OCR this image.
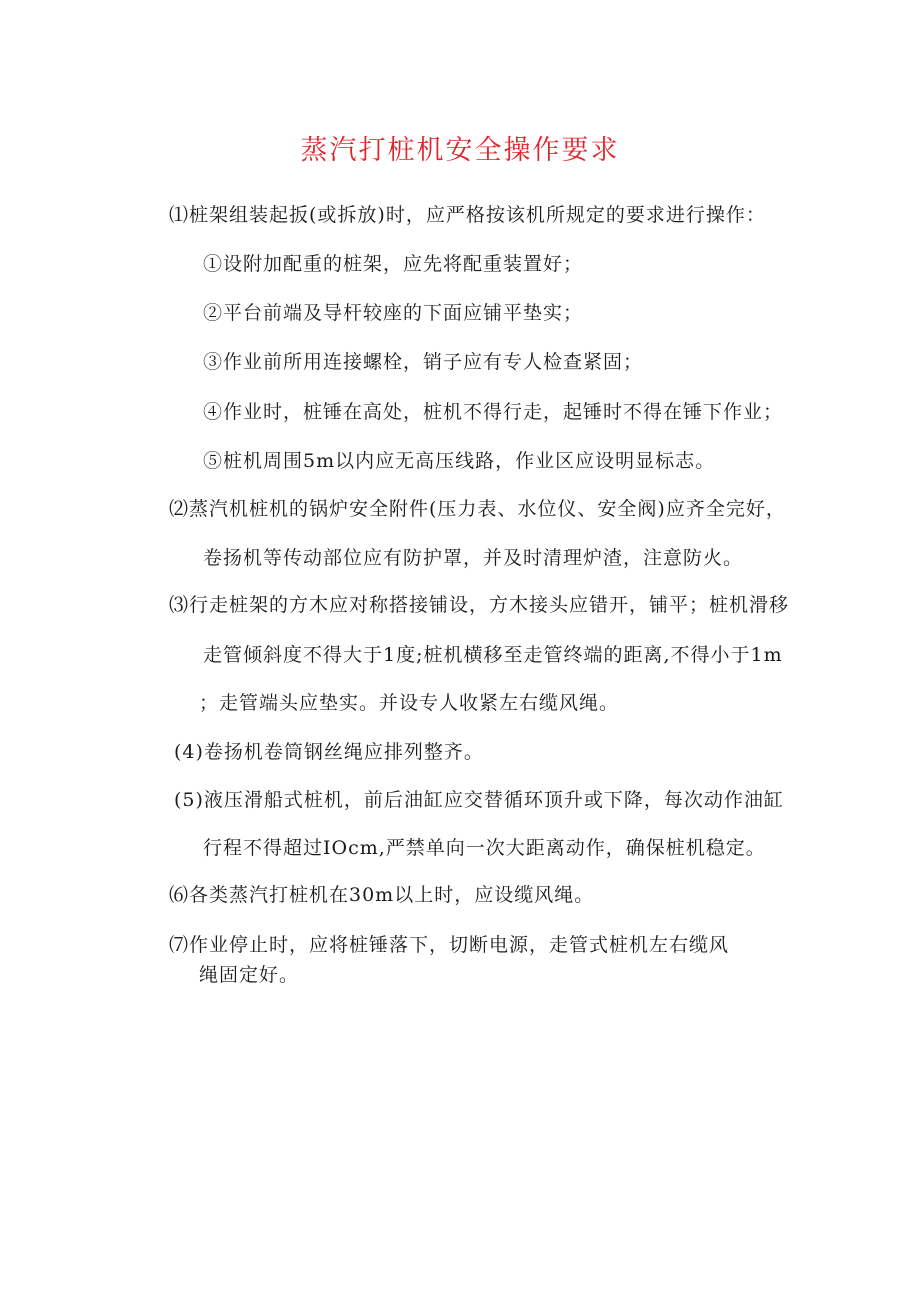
蒸汽打桩机安全操作要求
⑴桩架组装起扳(或拆放)时，应严格按该机所规定的要求进行操作：
①设附加配重的桩架，应先将配重装置好；
②平台前端及导杆较座的下面应铺平垫实；
③作业前所用连接螺栓，销子应有专人检查紧固；
④作业时，桩锤在高处，桩机不得行走，起锤时不得在锤下作业；
⑤桩机周围5m以内应无高压线路，作业区应设明显标志。
⑵蒸汽机桩机的锅炉安全附件(压力表、水位仪、安全阀)应齐全完好，
卷扬机等传动部位应有防护罩，并及时清理炉渣，注意防火。
⑶行走桩架的方木应对称搭接铺设，方木接头应错开，铺平；桩机滑移
走管倾斜度不得大于1度;桩机横移至走管终端的距离,不得小于1m
；走管端头应垫实。并设专人收紧左右缆风绳。
(4)卷扬机卷筒钢丝绳应排列整齐。
(5)液压滑船式桩机，前后油缸应交替循环顶升或下降，每次动作油缸
行程不得超过IOcm,严禁单向一次大距离动作，确保桩机稳定。
⑹各类蒸汽打桩机在30m以上时，应设缆风绳。
⑺作业停止时，应将桩锤落下，切断电源，走管式桩机左右缆风
绳固定好。
